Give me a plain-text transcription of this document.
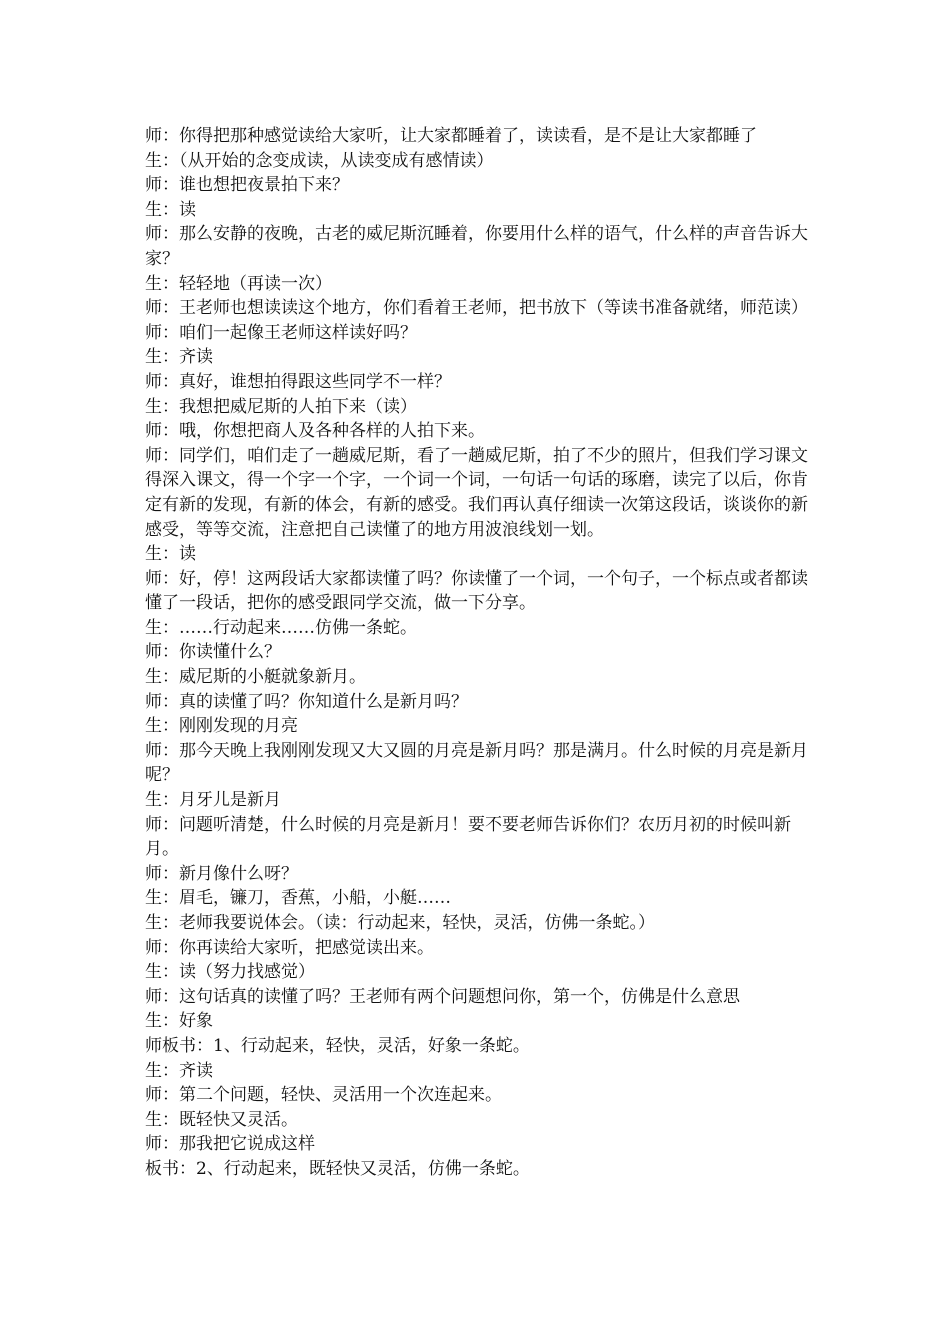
师：你得把那种感觉读给大家听，让大家都睡着了，读读看，是不是让大家都睡了

生：（从开始的念变成读，从读变成有感情读）

师：谁也想把夜景拍下来？

生：读

师：那么安静的夜晚，古老的威尼斯沉睡着，你要用什么样的语气，什么样的声音告诉大家？

生：轻轻地（再读一次）

师：王老师也想读读这个地方，你们看着王老师，把书放下（等读书准备就绪，师范读）

师：咱们一起像王老师这样读好吗？

生：齐读

师：真好，谁想拍得跟这些同学不一样？

生：我想把威尼斯的人拍下来（读）

师：哦，你想把商人及各种各样的人拍下来。

师：同学们，咱们走了一趟威尼斯，看了一趟威尼斯，拍了不少的照片，但我们学习课文得深入课文，得一个字一个字，一个词一个词，一句话一句话的琢磨，读完了以后，你肯定有新的发现，有新的体会，有新的感受。我们再认真仔细读一次第这段话，谈谈你的新感受，等等交流，注意把自己读懂了的地方用波浪线划一划。

生：读

师：好，停！这两段话大家都读懂了吗？你读懂了一个词，一个句子，一个标点或者都读懂了一段话，把你的感受跟同学交流，做一下分享。

生：……行动起来……仿佛一条蛇。

师：你读懂什么？

生：威尼斯的小艇就象新月。

师：真的读懂了吗？你知道什么是新月吗？

生：刚刚发现的月亮

师：那今天晚上我刚刚发现又大又圆的月亮是新月吗？那是满月。什么时候的月亮是新月呢？

生：月牙儿是新月

师：问题听清楚，什么时候的月亮是新月！要不要老师告诉你们？农历月初的时候叫新月。

师：新月像什么呀？

生：眉毛，镰刀，香蕉，小船，小艇……

生：老师我要说体会。（读：行动起来，轻快，灵活，仿佛一条蛇。）

师：你再读给大家听，把感觉读出来。

生：读（努力找感觉）

师：这句话真的读懂了吗？王老师有两个问题想问你，第一个，仿佛是什么意思

生：好象

师板书：1、行动起来，轻快，灵活，好象一条蛇。

生：齐读

师：第二个问题，轻快、灵活用一个次连起来。

生：既轻快又灵活。

师：那我把它说成这样

板书：2、行动起来，既轻快又灵活，仿佛一条蛇。
